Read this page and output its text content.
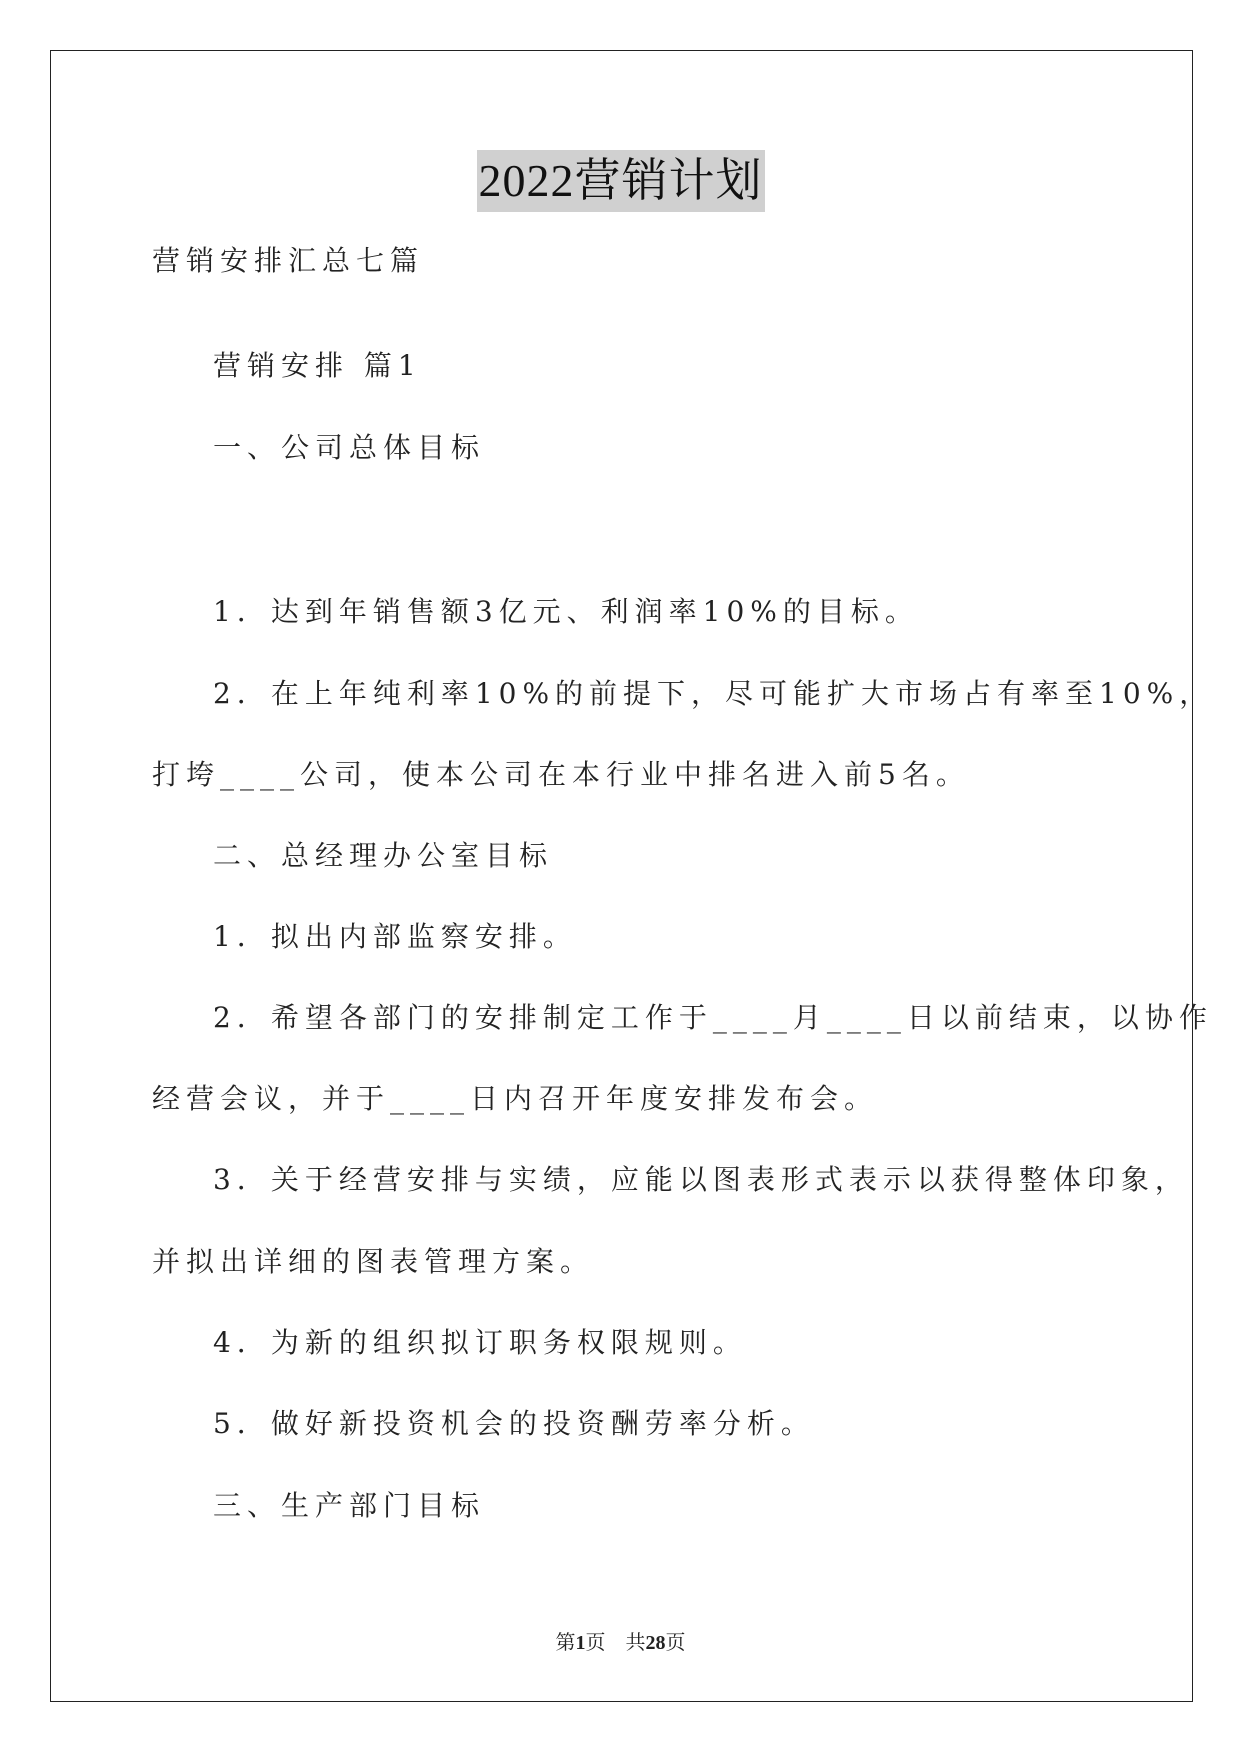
2022营销计划

营销安排汇总七篇

营销安排 篇1

一、公司总体目标

1．达到年销售额3亿元、利润率10%的目标。

2．在上年纯利率10%的前提下，尽可能扩大市场占有率至10%，

打垮____公司，使本公司在本行业中排名进入前5名。

二、总经理办公室目标

1．拟出内部监察安排。

2．希望各部门的安排制定工作于____月____日以前结束，以协作

经营会议，并于____日内召开年度安排发布会。

3．关于经营安排与实绩，应能以图表形式表示以获得整体印象，

并拟出详细的图表管理方案。

4．为新的组织拟订职务权限规则。

5．做好新投资机会的投资酬劳率分析。

三、生产部门目标

第1页 共28页
